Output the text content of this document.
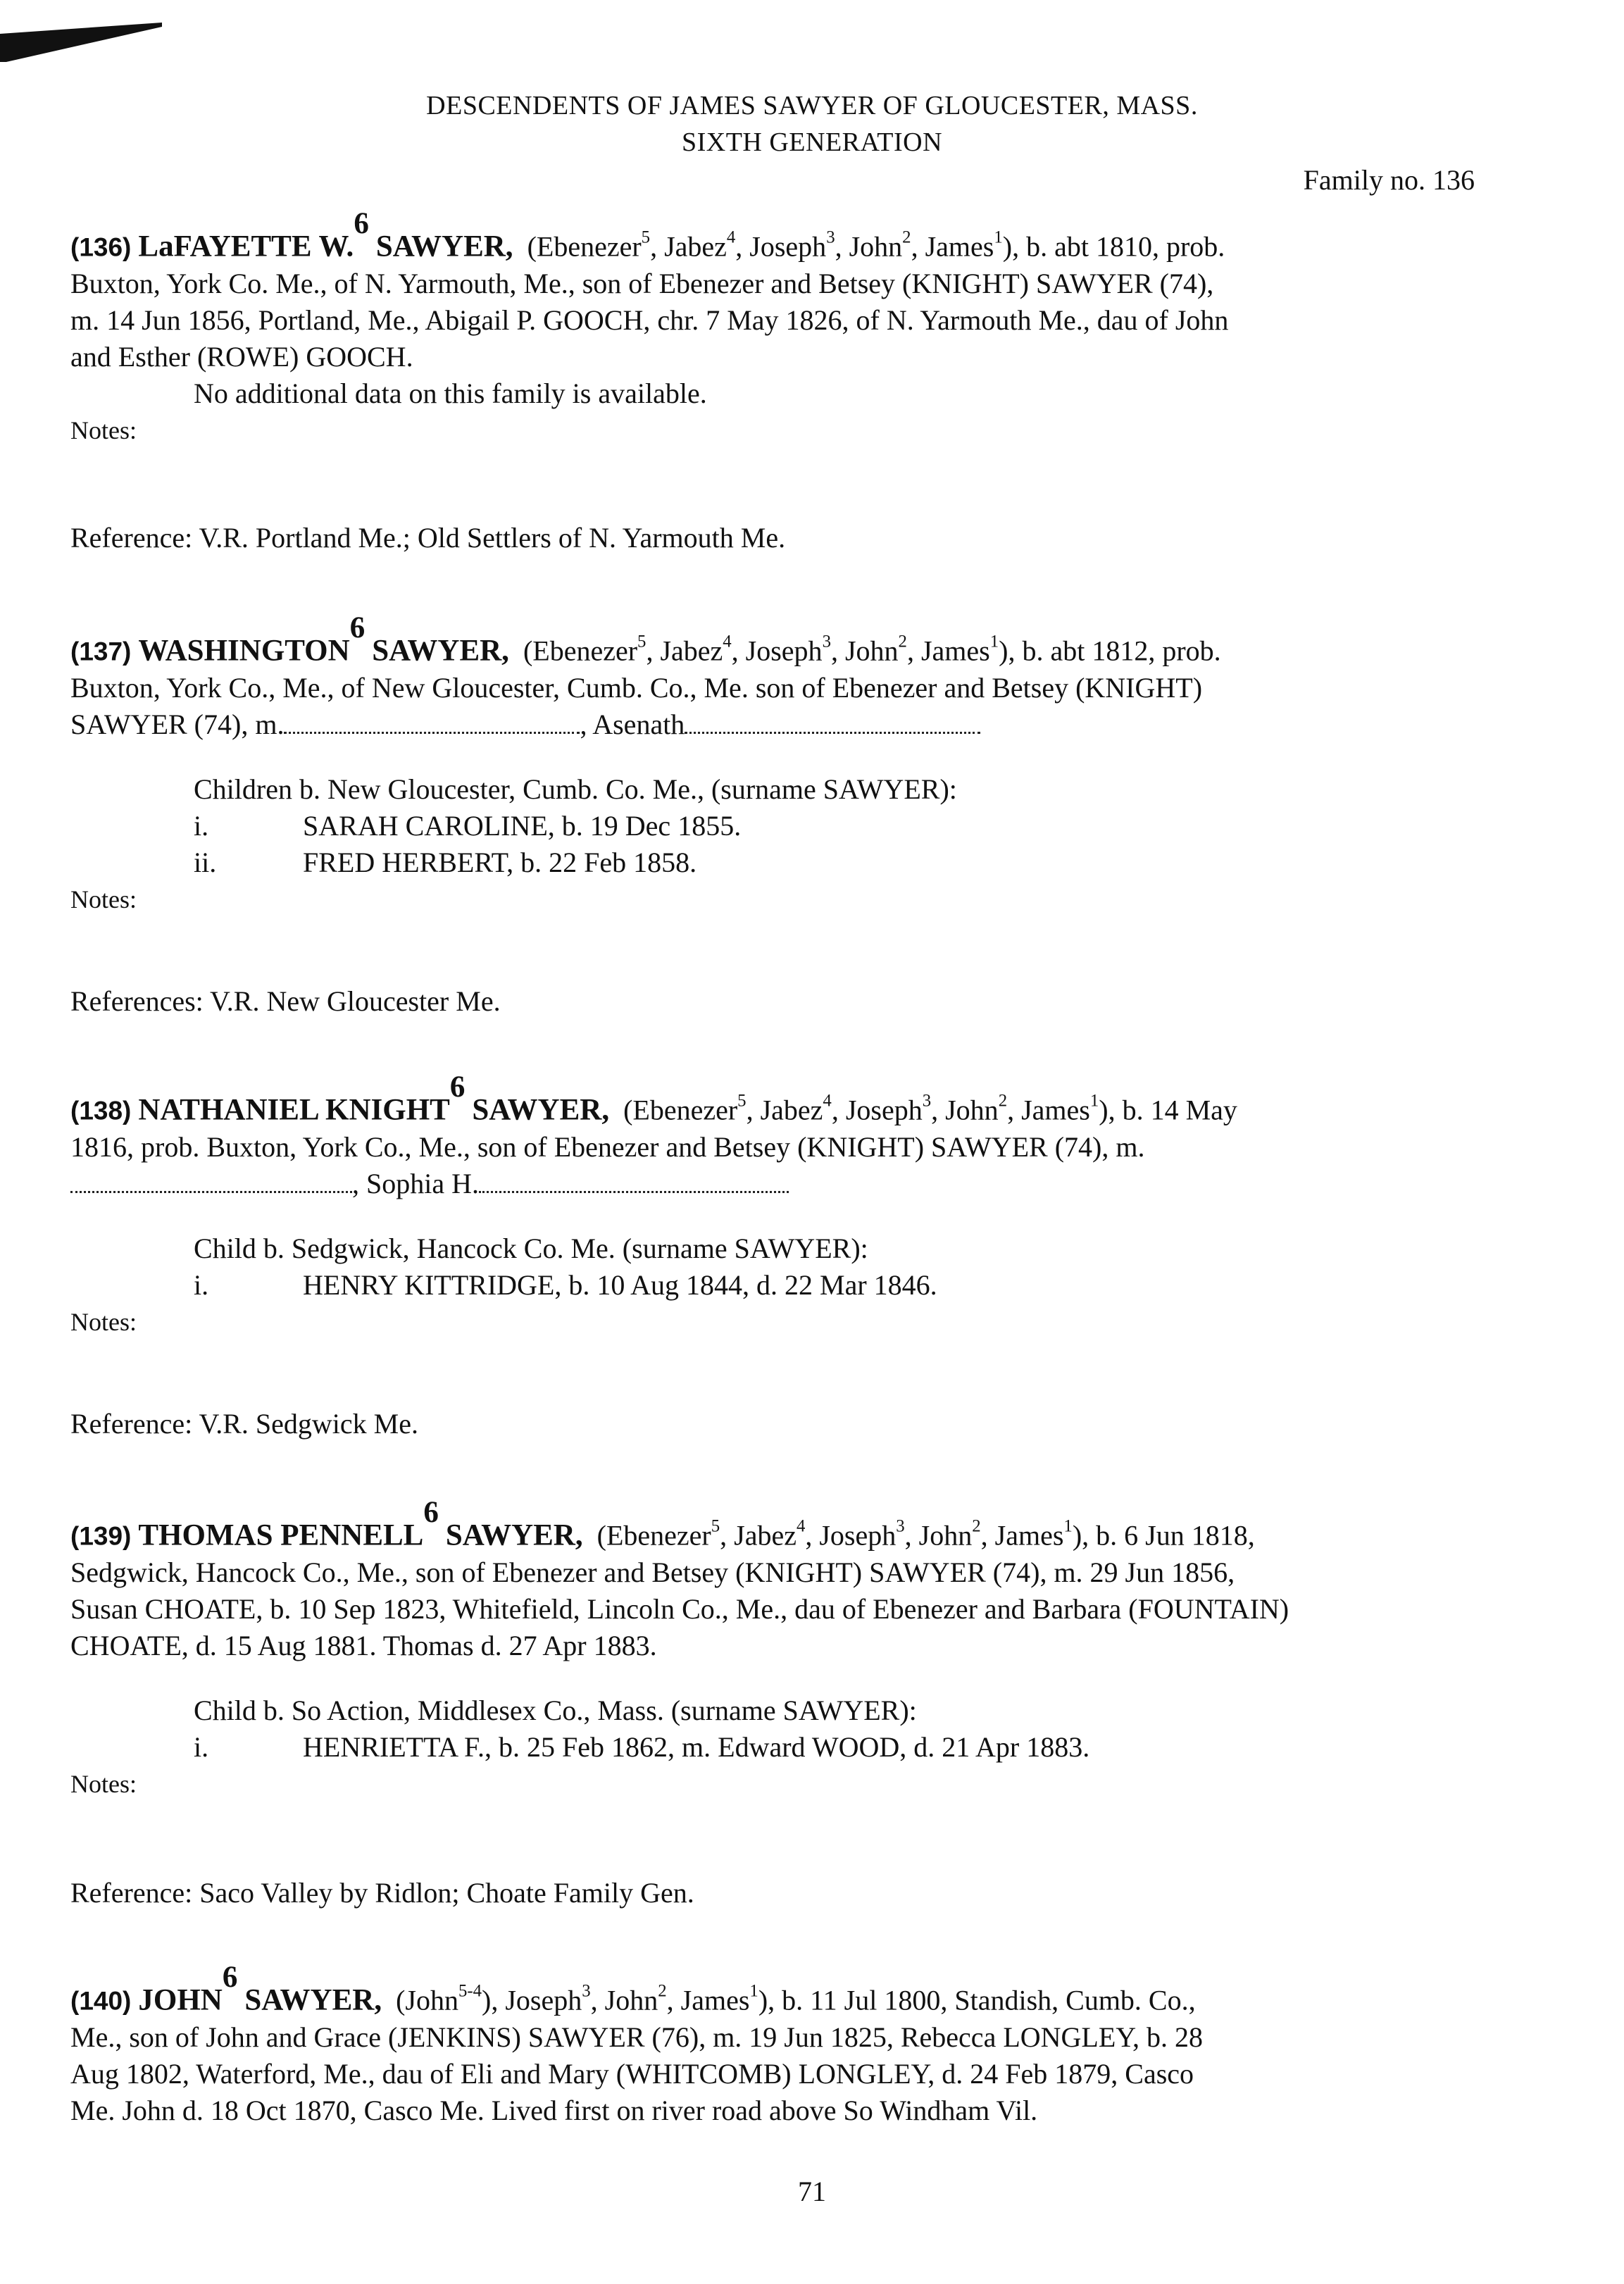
DESCENDENTS OF JAMES SAWYER OF GLOUCESTER, MASS.
SIXTH GENERATION
Family no. 136

(136) LaFAYETTE W.$^6$ SAWYER, (Ebenezer$^5$, Jabez$^4$, Joseph$^3$, John$^2$, James$^1$), b. abt 1810, prob.

Buxton, York Co. Me., of N. Yarmouth, Me., son of Ebenezer and Betsey (KNIGHT) SAWYER (74),

m. 14 Jun 1856, Portland, Me., Abigail P. GOOCH, chr. 7 May 1826, of N. Yarmouth Me., dau of John

and Esther (ROWE) GOOCH.

No additional data on this family is available.

Notes:

Reference: V.R. Portland Me.; Old Settlers of N. Yarmouth Me.

(137) WASHINGTON$^6$ SAWYER, (Ebenezer$^5$, Jabez$^4$, Joseph$^3$, John$^2$, James$^1$), b. abt 1812, prob.

Buxton, York Co., Me., of New Gloucester, Cumb. Co., Me. son of Ebenezer and Betsey (KNIGHT)

SAWYER (74), m.	, Asenath

Children b. New Gloucester, Cumb. Co. Me., (surname SAWYER):

i.	SARAH CAROLINE, b. 19 Dec 1855.
ii.	FRED HERBERT, b. 22 Feb 1858.

Notes:

References: V.R. New Gloucester Me.

(138) NATHANIEL KNIGHT$^6$ SAWYER, (Ebenezer$^5$, Jabez$^4$, Joseph$^3$, John$^2$, James$^1$), b. 14 May

1816, prob. Buxton, York Co., Me., son of Ebenezer and Betsey (KNIGHT) SAWYER (74), m.

, Sophia H.

Child b. Sedgwick, Hancock Co. Me. (surname SAWYER):

i.	HENRY KITTRIDGE, b. 10 Aug 1844, d. 22 Mar 1846.

Notes:

Reference: V.R. Sedgwick Me.

(139) THOMAS PENNELL$^6$ SAWYER, (Ebenezer$^5$, Jabez$^4$, Joseph$^3$, John$^2$, James$^1$), b. 6 Jun 1818,

Sedgwick, Hancock Co., Me., son of Ebenezer and Betsey (KNIGHT) SAWYER (74), m. 29 Jun 1856,

Susan CHOATE, b. 10 Sep 1823, Whitefield, Lincoln Co., Me., dau of Ebenezer and Barbara (FOUNTAIN)

CHOATE, d. 15 Aug 1881. Thomas d. 27 Apr 1883.

Child b. So Action, Middlesex Co., Mass. (surname SAWYER):

i.	HENRIETTA F., b. 25 Feb 1862, m. Edward WOOD, d. 21 Apr 1883.

Notes:

Reference: Saco Valley by Ridlon; Choate Family Gen.

(140) JOHN$^6$ SAWYER, (John$^{5-4}$), Joseph$^3$, John$^2$, James$^1$), b. 11 Jul 1800, Standish, Cumb. Co.,

Me., son of John and Grace (JENKINS) SAWYER (76), m. 19 Jun 1825, Rebecca LONGLEY, b. 28

Aug 1802, Waterford, Me., dau of Eli and Mary (WHITCOMB) LONGLEY, d. 24 Feb 1879, Casco

Me. John d. 18 Oct 1870, Casco Me. Lived first on river road above So Windham Vil.

71
